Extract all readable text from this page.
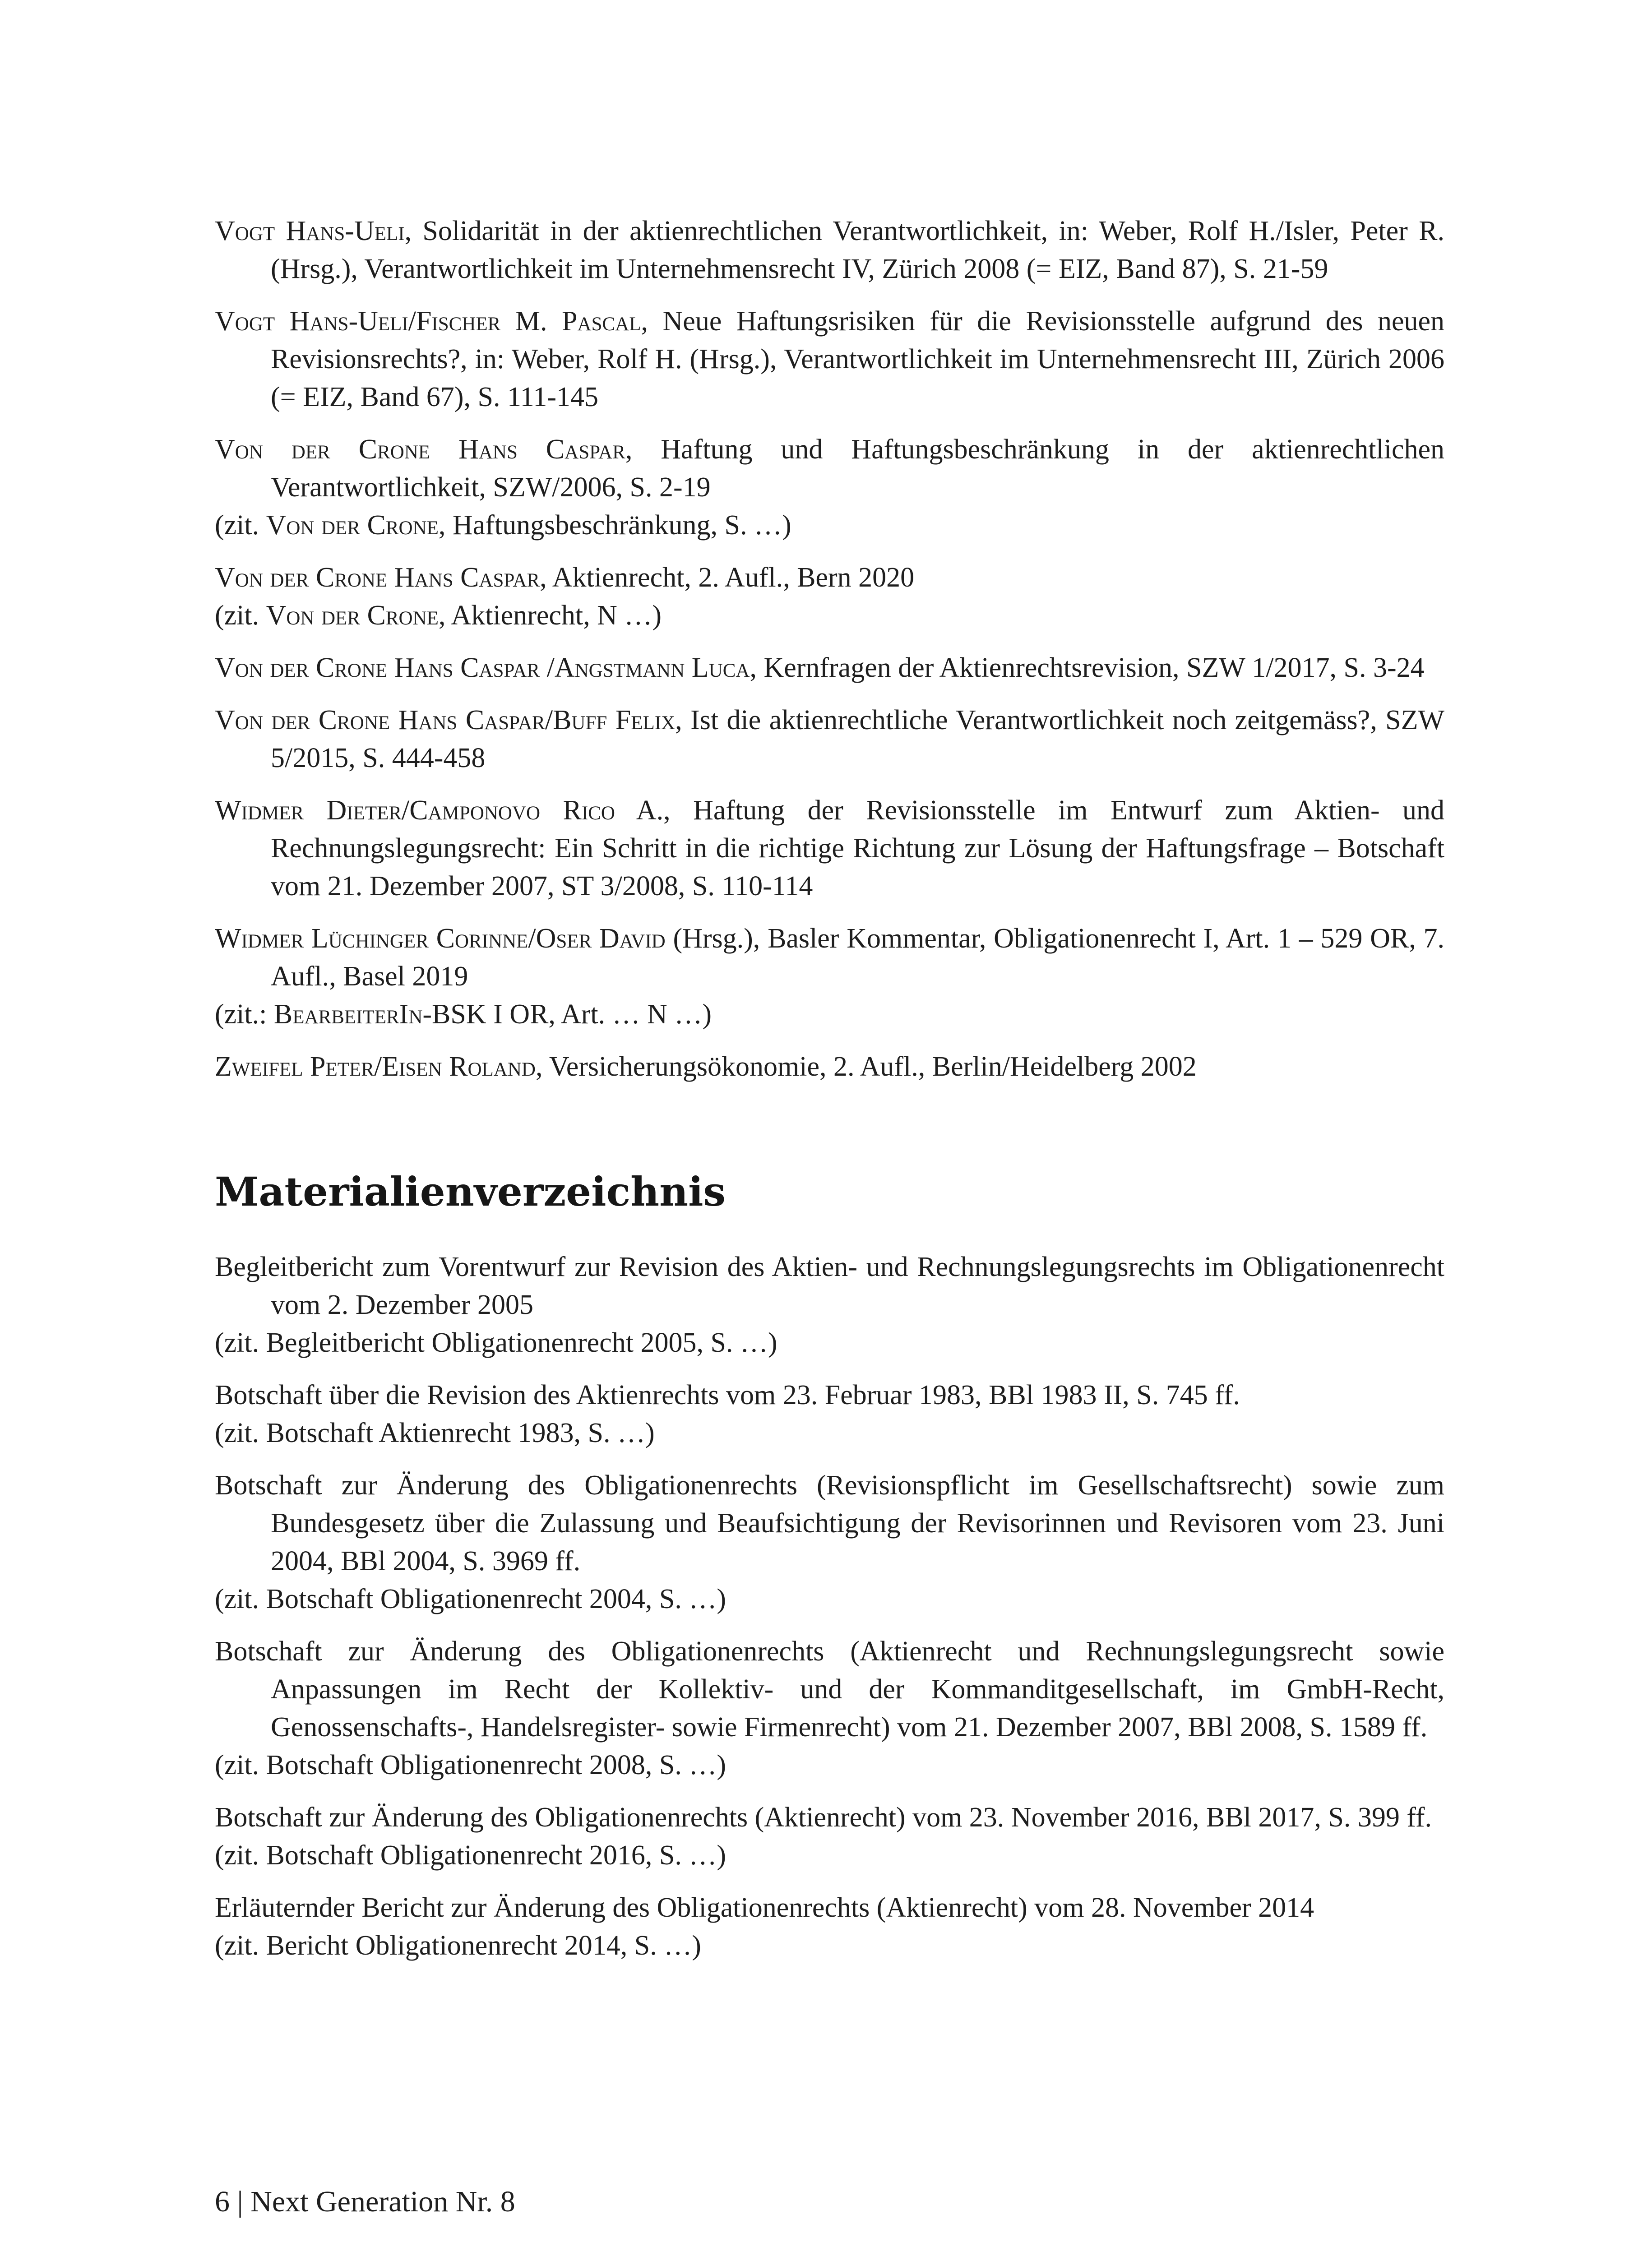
Vogt Hans-Ueli, Solidarität in der aktienrechtlichen Verantwortlichkeit, in: Weber, Rolf H./Isler, Peter R. (Hrsg.), Verantwortlichkeit im Unternehmensrecht IV, Zürich 2008 (= EIZ, Band 87), S. 21-59
Vogt Hans-Ueli/Fischer M. Pascal, Neue Haftungsrisiken für die Revisionsstelle aufgrund des neuen Revisionsrechts?, in: Weber, Rolf H. (Hrsg.), Verantwortlichkeit im Unternehmensrecht III, Zürich 2006 (= EIZ, Band 67), S. 111-145
Von der Crone Hans Caspar, Haftung und Haftungsbeschränkung in der aktienrechtlichen Verantwortlichkeit, SZW/2006, S. 2-19
(zit. Von der Crone, Haftungsbeschränkung, S. …)
Von der Crone Hans Caspar, Aktienrecht, 2. Aufl., Bern 2020
(zit. Von der Crone, Aktienrecht, N …)
Von der Crone Hans Caspar /Angstmann Luca, Kernfragen der Aktienrechtsrevision, SZW 1/2017, S. 3-24
Von der Crone Hans Caspar/Buff Felix, Ist die aktienrechtliche Verantwortlichkeit noch zeitgemäss?, SZW 5/2015, S. 444-458
Widmer Dieter/Camponovo Rico A., Haftung der Revisionsstelle im Entwurf zum Aktien- und Rechnungslegungsrecht: Ein Schritt in die richtige Richtung zur Lösung der Haftungsfrage – Botschaft vom 21. Dezember 2007, ST 3/2008, S. 110-114
Widmer Lüchinger Corinne/Oser David (Hrsg.), Basler Kommentar, Obligationenrecht I, Art. 1 – 529 OR, 7. Aufl., Basel 2019
(zit.: BearbeiterIn-BSK I OR, Art. … N …)
Zweifel Peter/Eisen Roland, Versicherungsökonomie, 2. Aufl., Berlin/Heidelberg 2002
Materialienverzeichnis
Begleitbericht zum Vorentwurf zur Revision des Aktien- und Rechnungslegungsrechts im Obligationenrecht vom 2. Dezember 2005
(zit. Begleitbericht Obligationenrecht 2005, S. …)
Botschaft über die Revision des Aktienrechts vom 23. Februar 1983, BBl 1983 II, S. 745 ff.
(zit. Botschaft Aktienrecht 1983, S. …)
Botschaft zur Änderung des Obligationenrechts (Revisionspflicht im Gesellschaftsrecht) sowie zum Bundesgesetz über die Zulassung und Beaufsichtigung der Revisorinnen und Revisoren vom 23. Juni 2004, BBl 2004, S. 3969 ff.
(zit. Botschaft Obligationenrecht 2004, S. …)
Botschaft zur Änderung des Obligationenrechts (Aktienrecht und Rechnungslegungsrecht sowie Anpassungen im Recht der Kollektiv- und der Kommanditgesellschaft, im GmbH-Recht, Genossenschafts-, Handelsregister- sowie Firmenrecht) vom 21. Dezember 2007, BBl 2008, S. 1589 ff.
(zit. Botschaft Obligationenrecht 2008, S. …)
Botschaft zur Änderung des Obligationenrechts (Aktienrecht) vom 23. November 2016, BBl 2017, S. 399 ff.
(zit. Botschaft Obligationenrecht 2016, S. …)
Erläuternder Bericht zur Änderung des Obligationenrechts (Aktienrecht) vom 28. November 2014
(zit. Bericht Obligationenrecht 2014, S. …)
6 | Next Generation Nr. 8
